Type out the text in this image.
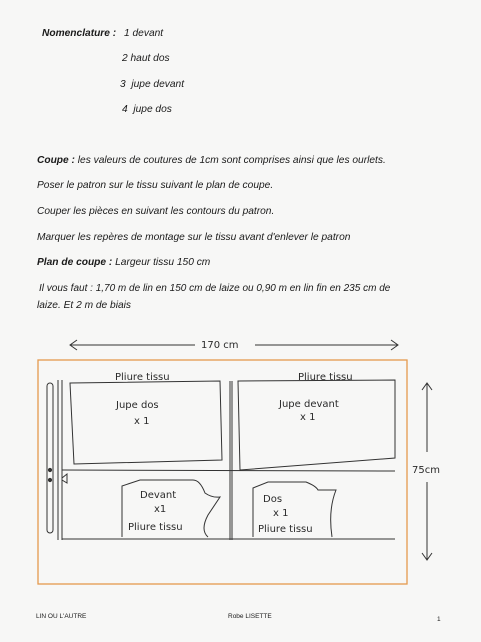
Nomenclature : 1 devant
2 haut dos
3 jupe devant
4 jupe dos
Coupe : les valeurs de coutures de 1cm sont comprises ainsi que les ourlets.
Poser le patron sur le tissu suivant le plan de coupe.
Couper les pièces en suivant les contours du patron.
Marquer les repères de montage sur le tissu avant d'enlever le patron
Plan de coupe : Largeur tissu 150 cm
Il vous faut : 1,70 m de lin en 150 cm de laize ou 0,90 m en lin fin en 235 cm de
laize. Et 2 m de biais
170 cm
75cm
Pliure tissu
Jupe dos
x 1
Pliure tissu
Jupe devant
x 1
Devant
x1
Pliure tissu
Dos
x 1
Pliure tissu
LIN OU L'AUTRE	Robe LISETTE	1
